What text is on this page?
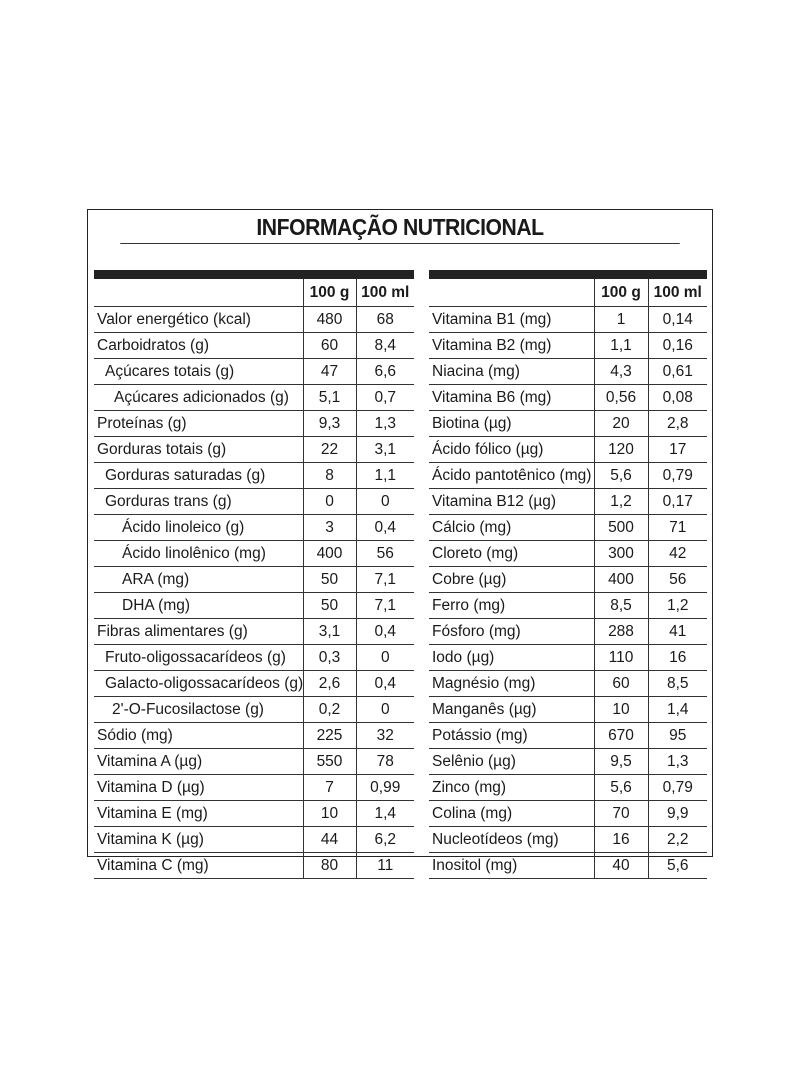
INFORMAÇÃO NUTRICIONAL
	100 g	100 ml
Valor energético (kcal)	480	68
Carboidratos (g)	60	8,4
Açúcares totais (g)	47	6,6
Açúcares adicionados (g)	5,1	0,7
Proteínas (g)	9,3	1,3
Gorduras totais (g)	22	3,1
Gorduras saturadas (g)	8	1,1
Gorduras trans (g)	0	0
Ácido linoleico (g)	3	0,4
Ácido linolênico (mg)	400	56
ARA (mg)	50	7,1
DHA (mg)	50	7,1
Fibras alimentares (g)	3,1	0,4
Fruto-oligossacarídeos (g)	0,3	0
Galacto-oligossacarídeos (g)	2,6	0,4
2'-O-Fucosilactose (g)	0,2	0
Sódio (mg)	225	32
Vitamina A (µg)	550	78
Vitamina D (µg)	7	0,99
Vitamina E (mg)	10	1,4
Vitamina K (µg)	44	6,2
Vitamina C (mg)	80	11
	100 g	100 ml
Vitamina B1 (mg)	1	0,14
Vitamina B2 (mg)	1,1	0,16
Niacina (mg)	4,3	0,61
Vitamina B6 (mg)	0,56	0,08
Biotina (µg)	20	2,8
Ácido fólico (µg)	120	17
Ácido pantotênico (mg)	5,6	0,79
Vitamina B12 (µg)	1,2	0,17
Cálcio (mg)	500	71
Cloreto (mg)	300	42
Cobre (µg)	400	56
Ferro (mg)	8,5	1,2
Fósforo (mg)	288	41
Iodo (µg)	110	16
Magnésio (mg)	60	8,5
Manganês (µg)	10	1,4
Potássio (mg)	670	95
Selênio (µg)	9,5	1,3
Zinco (mg)	5,6	0,79
Colina (mg)	70	9,9
Nucleotídeos (mg)	16	2,2
Inositol (mg)	40	5,6
